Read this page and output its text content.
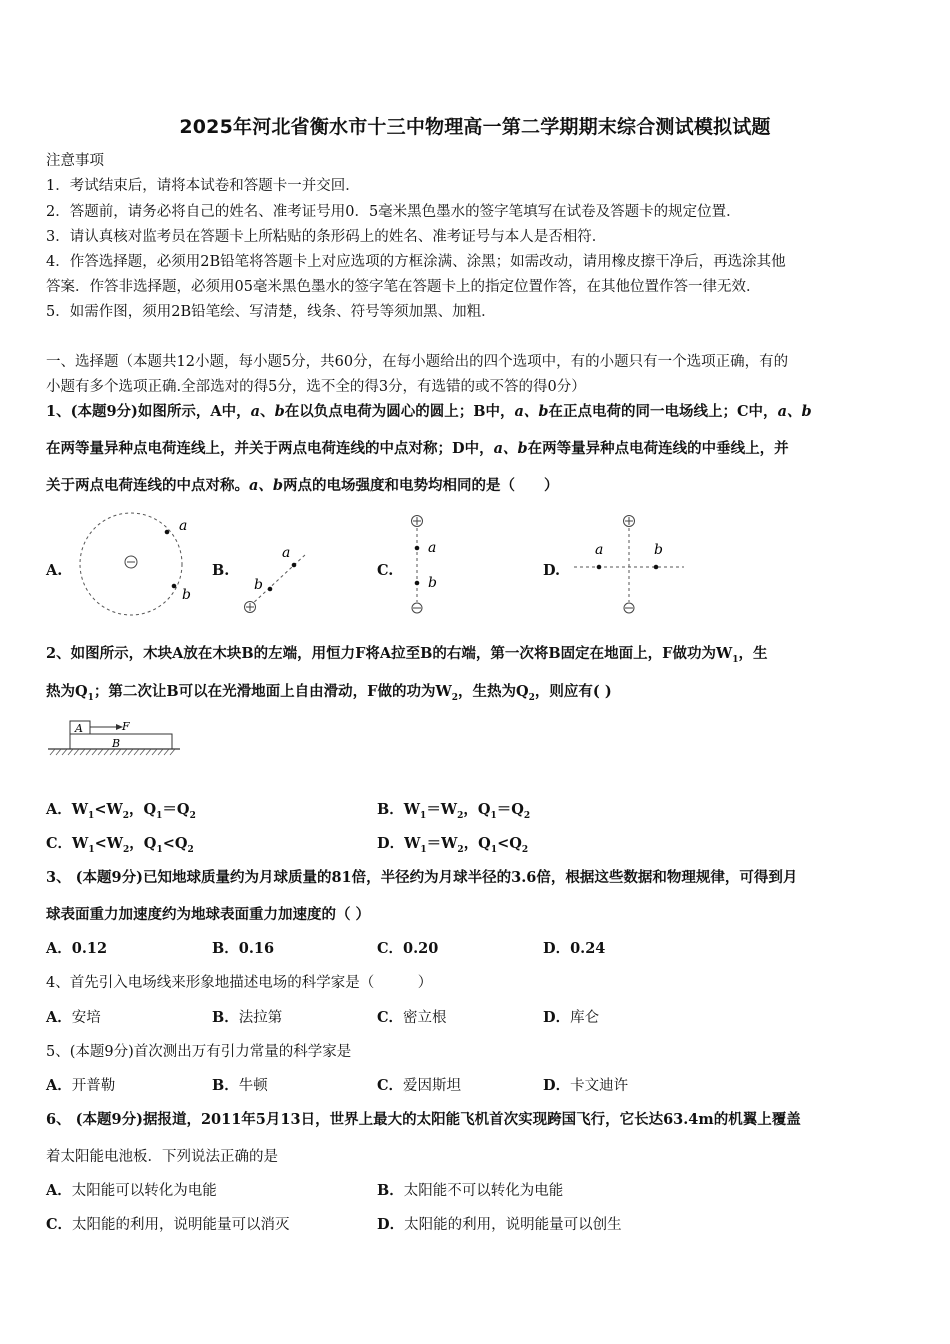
2025年河北省衡水市十三中物理高一第二学期期末综合测试模拟试题
注意事项
1．考试结束后，请将本试卷和答题卡一并交回．
2．答题前，请务必将自己的姓名、准考证号用0．5毫米黑色墨水的签字笔填写在试卷及答题卡的规定位置．
3．请认真核对监考员在答题卡上所粘贴的条形码上的姓名、准考证号与本人是否相符．
4．作答选择题，必须用2B铅笔将答题卡上对应选项的方框涂满、涂黑；如需改动，请用橡皮擦干净后，再选涂其他
答案．作答非选择题，必须用05毫米黑色墨水的签字笔在答题卡上的指定位置作答，在其他位置作答一律无效．
5．如需作图，须用2B铅笔绘、写清楚，线条、符号等须加黑、加粗．
一、选择题（本题共12小题，每小题5分，共60分，在每小题给出的四个选项中，有的小题只有一个选项正确，有的
小题有多个选项正确.全部选对的得5分，选不全的得3分，有选错的或不答的得0分）
1、(本题9分)如图所示，A中，a、b在以负点电荷为圆心的圆上；B中，a、b在正点电荷的同一电场线上；C中，a、b
在两等量异种点电荷连线上，并关于两点电荷连线的中点对称；D中，a、b在两等量异种点电荷连线的中垂线上，并
关于两点电荷连线的中点对称。a、b两点的电场强度和电势均相同的是（　　）
A.	B.	C.	D.
a
b
a
b
a
b
a	b
2、如图所示，木块A放在木块B的左端，用恒力F将A拉至B的右端，第一次将B固定在地面上，F做功为$W_1$，生
热为$Q_1$；第二次让B可以在光滑地面上自由滑动，F做的功为$W_2$，生热为$Q_2$，则应有( )
A	F
B
A．$W_1<W_2$，$Q_1=Q_2$	B．$W_1=W_2$，$Q_1=Q_2$
C．$W_1<W_2$，$Q_1<Q_2$	D．$W_1=W_2$，$Q_1<Q_2$
3、 (本题9分)已知地球质量约为月球质量的81倍，半径约为月球半径的3.6倍，根据这些数据和物理规律，可得到月
球表面重力加速度约为地球表面重力加速度的（ ）
A．0.12	B．0.16	C．0.20	D．0.24
4、首先引入电场线来形象地描述电场的科学家是（　　　）
A．安培	B．法拉第	C．密立根	D．库仑
5、(本题9分)首次测出万有引力常量的科学家是
A．开普勒	B．牛顿	C．爱因斯坦	D．卡文迪许
6、 (本题9分)据报道，2011年5月13日，世界上最大的太阳能飞机首次实现跨国飞行，它长达63.4m的机翼上覆盖
着太阳能电池板．下列说法正确的是
A．太阳能可以转化为电能	B．太阳能不可以转化为电能
C．太阳能的利用，说明能量可以消灭	D．太阳能的利用，说明能量可以创生
